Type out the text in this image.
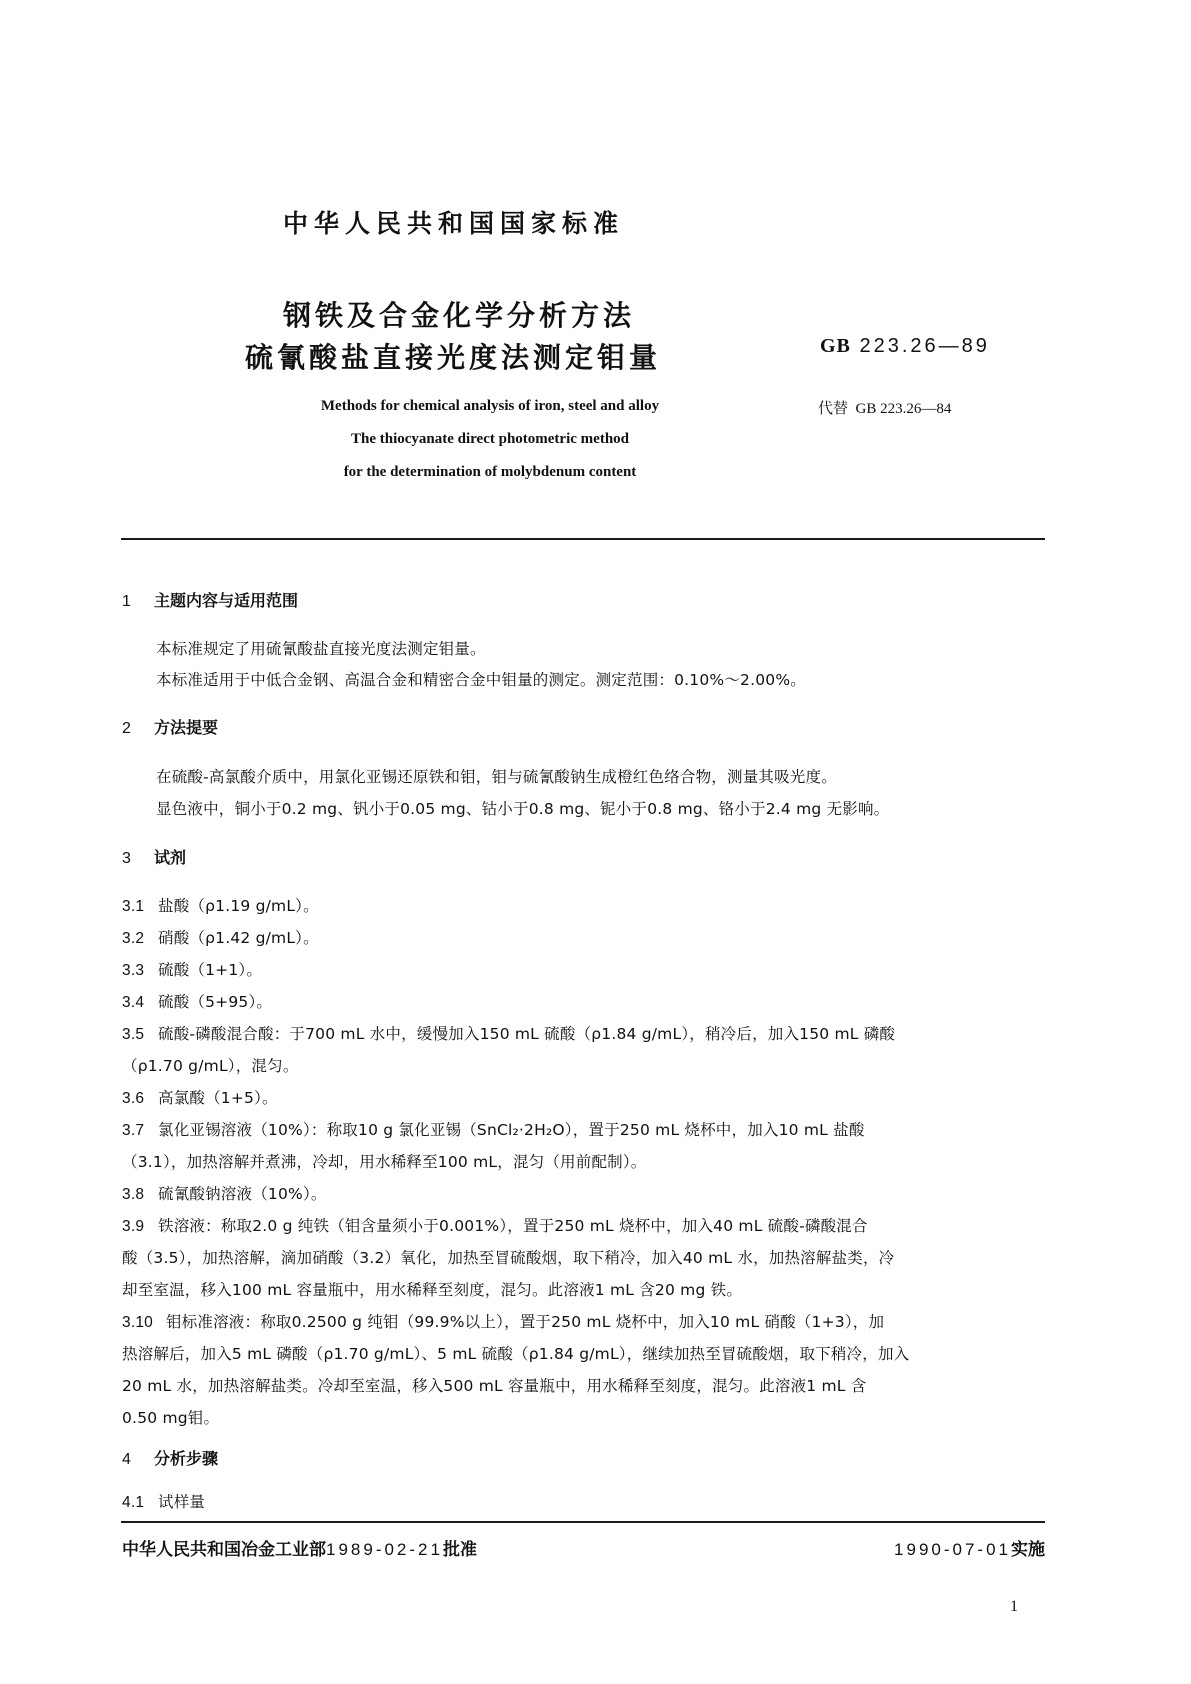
中华人民共和国国家标准
钢铁及合金化学分析方法
硫氰酸盐直接光度法测定钼量	GB 223.26—89
代替 GB 223.26—84
Methods for chemical analysis of iron, steel and alloy
The thiocyanate direct photometric method
for the determination of molybdenum content
1 主题内容与适用范围
本标准规定了用硫氰酸盐直接光度法测定钼量。
本标准适用于中低合金钢、高温合金和精密合金中钼量的测定。测定范围：0.10%～2.00%。
2 方法提要
在硫酸-高氯酸介质中，用氯化亚锡还原铁和钼，钼与硫氰酸钠生成橙红色络合物，测量其吸光度。
显色液中，铜小于0.2 mg、钒小于0.05 mg、钴小于0.8 mg、铌小于0.8 mg、铬小于2.4 mg 无影响。
3 试剂
3.1 盐酸（ρ1.19 g/mL）。
3.2 硝酸（ρ1.42 g/mL）。
3.3 硫酸（1+1）。
3.4 硫酸（5+95）。
3.5 硫酸-磷酸混合酸：于700 mL 水中，缓慢加入150 mL 硫酸（ρ1.84 g/mL），稍冷后，加入150 mL 磷酸
（ρ1.70 g/mL），混匀。
3.6 高氯酸（1+5）。
3.7 氯化亚锡溶液（10%）：称取10 g 氯化亚锡（SnCl₂·2H₂O），置于250 mL 烧杯中，加入10 mL 盐酸
（3.1），加热溶解并煮沸，冷却，用水稀释至100 mL，混匀（用前配制）。
3.8 硫氰酸钠溶液（10%）。
3.9 铁溶液：称取2.0 g 纯铁（钼含量须小于0.001%），置于250 mL 烧杯中，加入40 mL 硫酸-磷酸混合
酸（3.5），加热溶解，滴加硝酸（3.2）氧化，加热至冒硫酸烟，取下稍冷，加入40 mL 水，加热溶解盐类，冷
却至室温，移入100 mL 容量瓶中，用水稀释至刻度，混匀。此溶液1 mL 含20 mg 铁。
3.10 钼标准溶液：称取0.2500 g 纯钼（99.9%以上），置于250 mL 烧杯中，加入10 mL 硝酸（1+3），加
热溶解后，加入5 mL 磷酸（ρ1.70 g/mL）、5 mL 硫酸（ρ1.84 g/mL），继续加热至冒硫酸烟，取下稍冷，加入
20 mL 水，加热溶解盐类。冷却至室温，移入500 mL 容量瓶中，用水稀释至刻度，混匀。此溶液1 mL 含
0.50 mg钼。
4 分析步骤
4.1 试样量
中华人民共和国冶金工业部1989-02-21批准	1990-07-01实施
1
